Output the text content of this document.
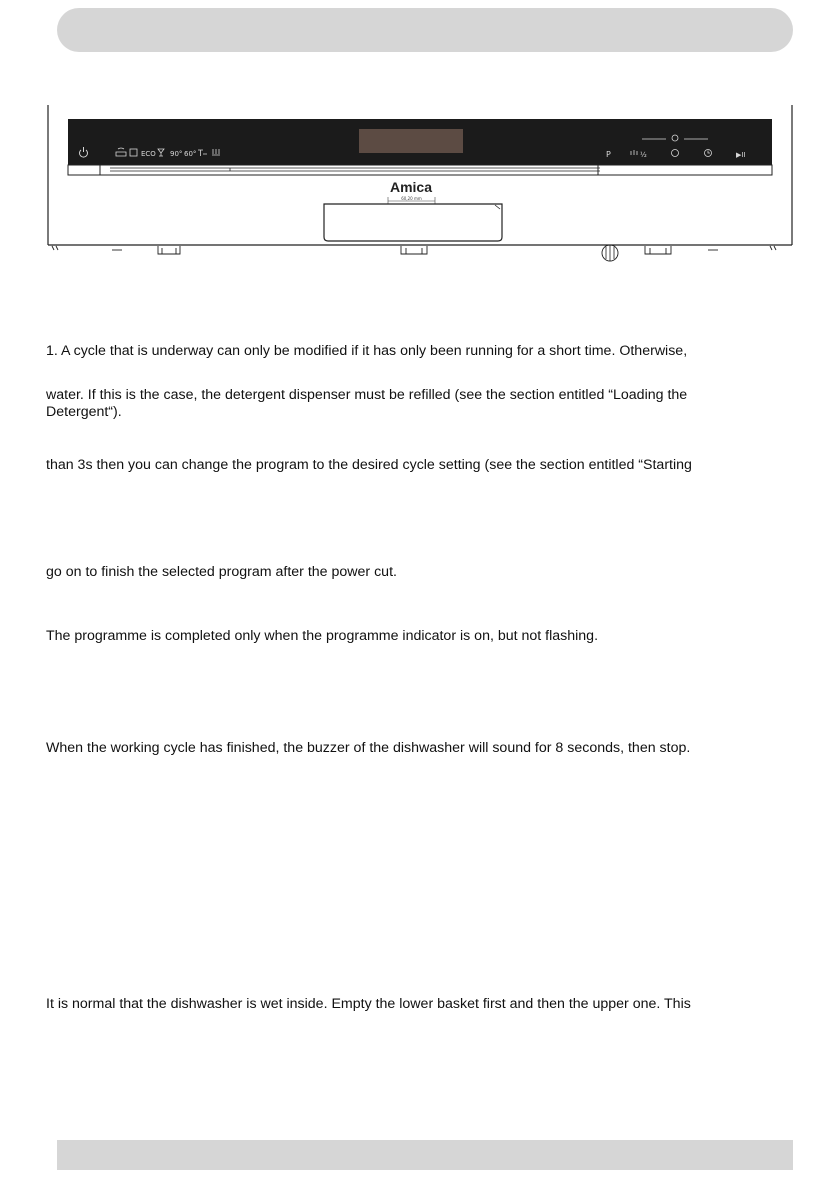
ECO 90° 60°	P	½	▶II
Amica
60,20 mm
1. A cycle that is underway can only be modified if it has only been running for a short time. Otherwise,
water. If this is the case, the detergent dispenser must be refilled (see the section entitled “Loading the
Detergent“).
than 3s then you can change the program to the desired cycle setting (see the section entitled “Starting
go on to finish the selected program after the power cut.
The programme is completed only when the programme indicator is on, but not flashing.
When the working cycle has finished, the buzzer of the dishwasher will sound for 8 seconds, then stop.
It is normal that the dishwasher is wet inside. Empty the lower basket first and then the upper one. This
